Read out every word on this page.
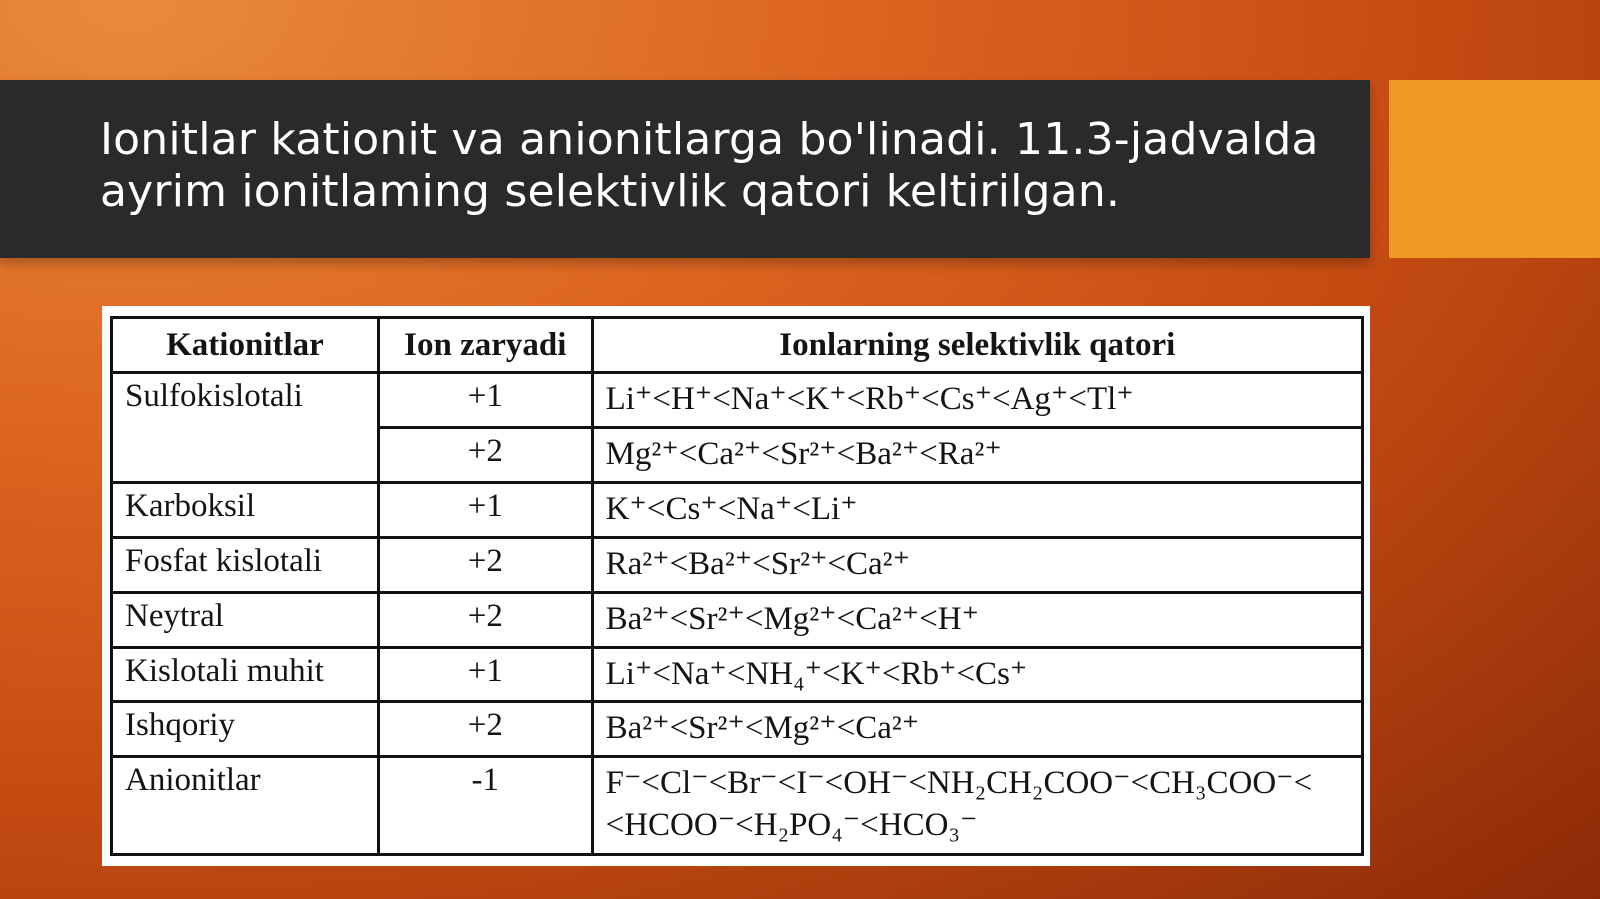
Ionitlar kationit va anionitlarga bo'linadi. 11.3-jadvalda ayrim ionitlaming selektivlik qatori keltirilgan.
Kationitlar	Ion zaryadi	Ionlarning selektivlik qatori
Sulfokislotali	+1	Li⁺<H⁺<Na⁺<K⁺<Rb⁺<Cs⁺<Ag⁺<Tl⁺
	+2	Mg²⁺<Ca²⁺<Sr²⁺<Ba²⁺<Ra²⁺
Karboksil	+1	K⁺<Cs⁺<Na⁺<Li⁺
Fosfat kislotali	+2	Ra²⁺<Ba²⁺<Sr²⁺<Ca²⁺
Neytral	+2	Ba²⁺<Sr²⁺<Mg²⁺<Ca²⁺<H⁺
Kislotali muhit	+1	Li⁺<Na⁺<NH₄⁺<K⁺<Rb⁺<Cs⁺
Ishqoriy	+2	Ba²⁺<Sr²⁺<Mg²⁺<Ca²⁺
Anionitlar	-1	F⁻<Cl⁻<Br⁻<I⁻<OH⁻<NH₂CH₂COO⁻<CH₃COO⁻< <HCOO⁻<H₂PO₄⁻<HCO₃⁻
